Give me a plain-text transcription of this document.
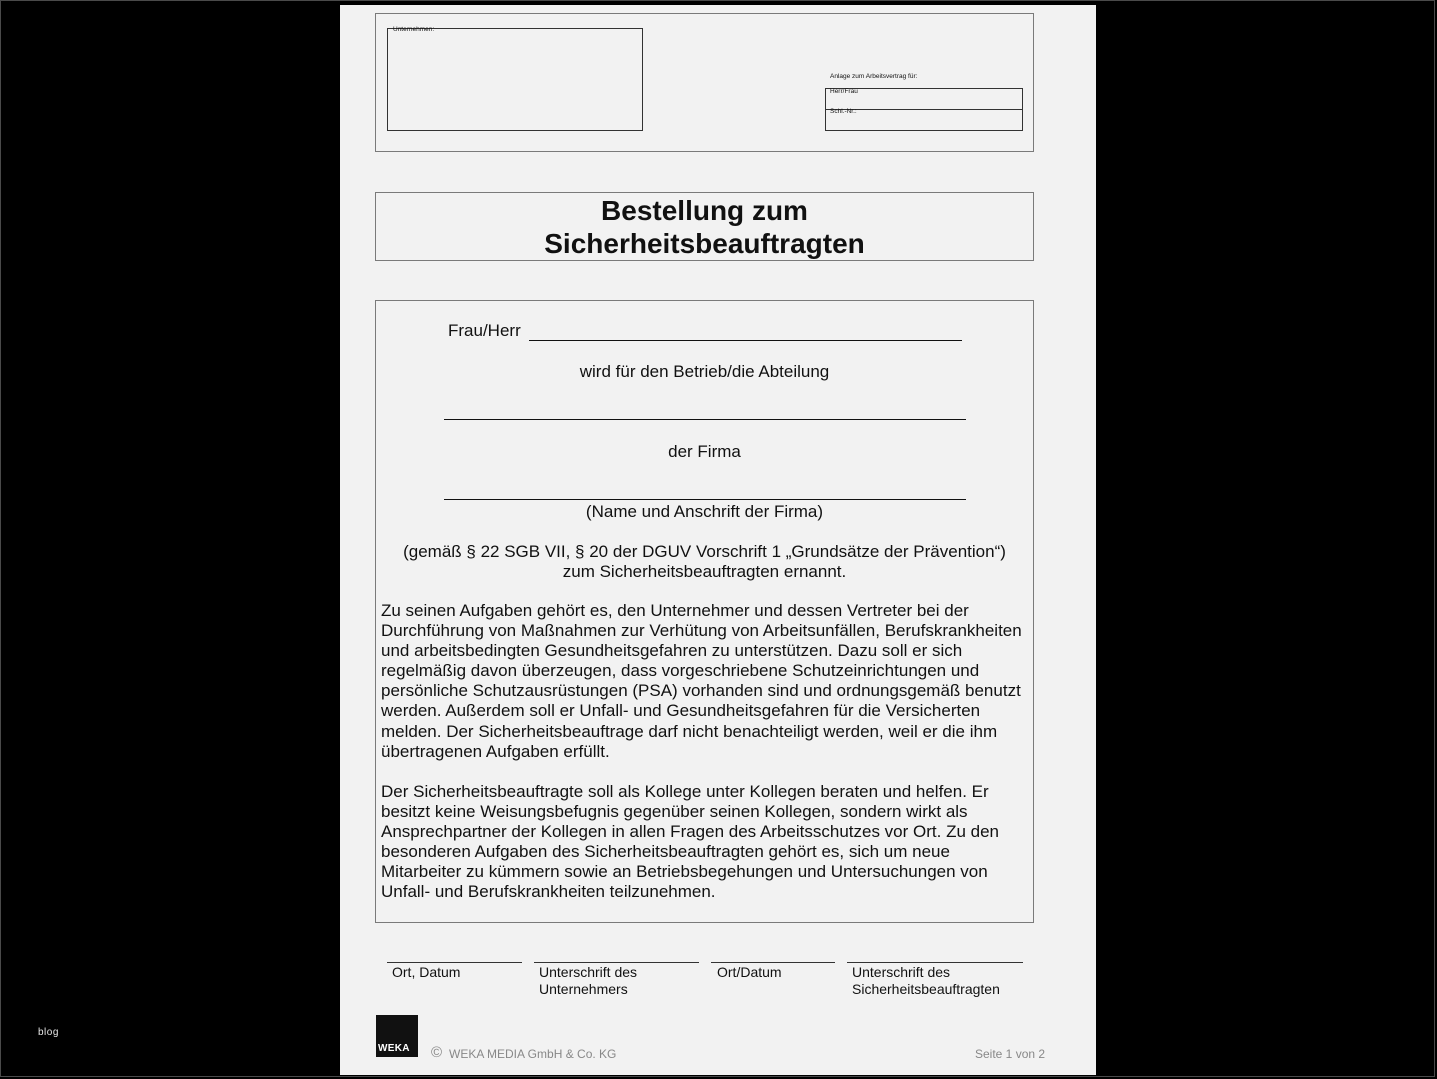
blog
Unternehmen:
Anlage zum Arbeitsvertrag für:
Herr/Frau
Schl.-Nr.:
Bestellung zum
Sicherheitsbeauftragten
Frau/Herr
wird für den Betrieb/die Abteilung
der Firma
(Name und Anschrift der Firma)
(gemäß § 22 SGB VII, § 20 der DGUV Vorschrift 1 „Grundsätze der Prävention“)
zum Sicherheitsbeauftragten ernannt.
Zu seinen Aufgaben gehört es, den Unternehmer und dessen Vertreter bei der Durchführung von Maßnahmen zur Verhütung von Arbeitsunfällen, Berufskrankheiten und arbeitsbedingten Gesundheitsgefahren zu unterstützen. Dazu soll er sich regelmäßig davon überzeugen, dass vorgeschriebene Schutzeinrichtungen und persönliche Schutzausrüstungen (PSA) vorhanden sind und ordnungsgemäß benutzt werden. Außerdem soll er Unfall- und Gesundheitsgefahren für die Versicherten melden. Der Sicherheitsbeauftrage darf nicht benachteiligt werden, weil er die ihm übertragenen Aufgaben erfüllt.
Der Sicherheitsbeauftragte soll als Kollege unter Kollegen beraten und helfen. Er besitzt keine Weisungsbefugnis gegenüber seinen Kollegen, sondern wirkt als Ansprechpartner der Kollegen in allen Fragen des Arbeitsschutzes vor Ort. Zu den besonderen Aufgaben des Sicherheitsbeauftragten gehört es, sich um neue Mitarbeiter zu kümmern sowie an Betriebsbegehungen und Untersuchungen von Unfall- und Berufskrankheiten teilzunehmen.
Ort, Datum	Unterschrift des
Unternehmers
Ort/Datum	Unterschrift des
Sicherheitsbeauftragten
WEKA © WEKA MEDIA GmbH & Co. KG	Seite 1 von 2
